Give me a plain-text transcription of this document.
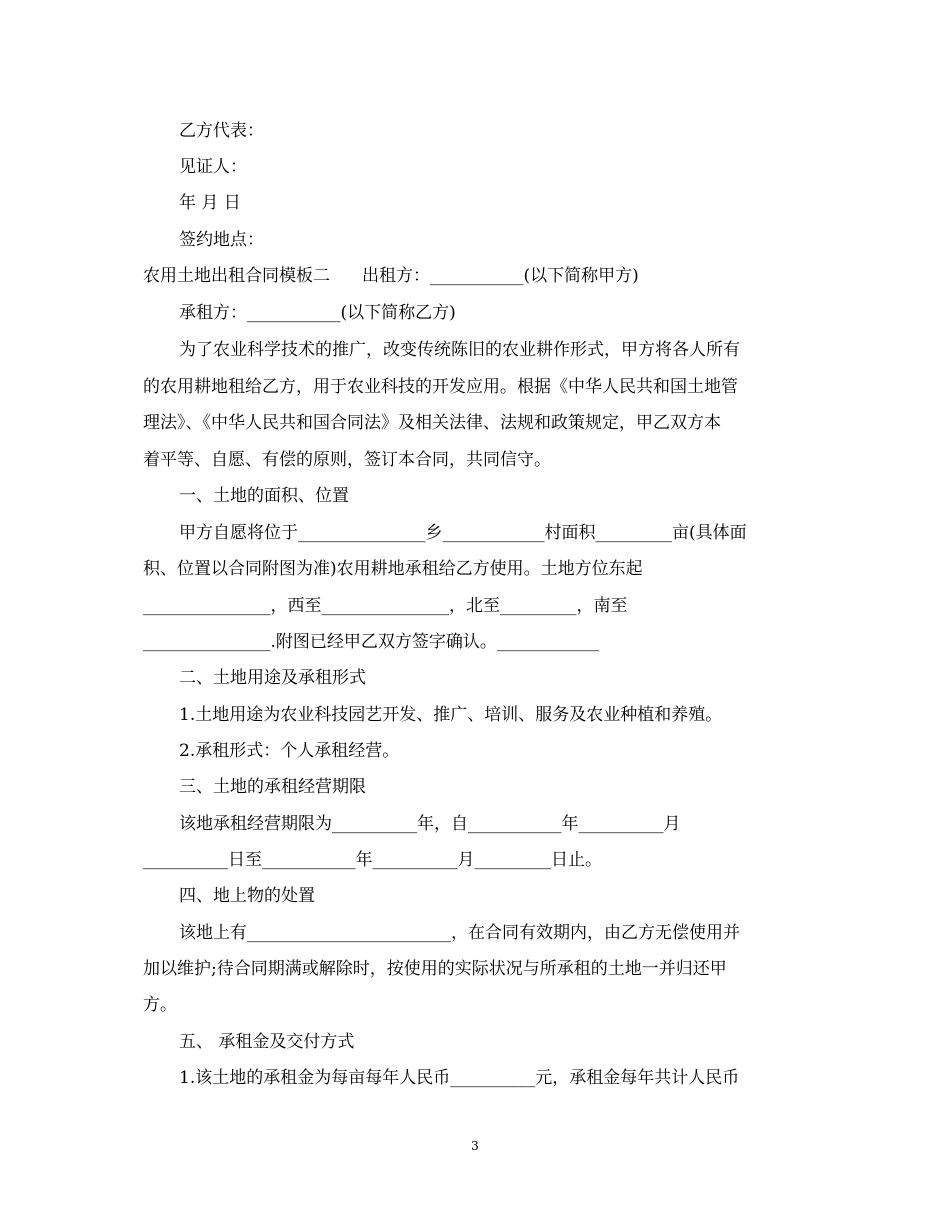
乙方代表：
见证人：
年 月 日
签约地点：
农用土地出租合同模板二 出租方：___________(以下简称甲方)
承租方：___________(以下简称乙方)
为了农业科学技术的推广，改变传统陈旧的农业耕作形式，甲方将各人所有
的农用耕地租给乙方，用于农业科技的开发应用。根据《中华人民共和国土地管
理法》、《中华人民共和国合同法》及相关法律、法规和政策规定，甲乙双方本
着平等、自愿、有偿的原则，签订本合同，共同信守。
一、土地的面积、位置
甲方自愿将位于_______________乡____________村面积_________亩(具体面
积、位置以合同附图为准)农用耕地承租给乙方使用。土地方位东起
_______________，西至_______________，北至_________，南至
_______________.附图已经甲乙双方签字确认。____________
二、土地用途及承租形式
1.土地用途为农业科技园艺开发、推广、培训、服务及农业种植和养殖。
2.承租形式：个人承租经营。
三、土地的承租经营期限
该地承租经营期限为__________年，自___________年__________月
__________日至___________年__________月_________日止。
四、地上物的处置
该地上有________________________，在合同有效期内，由乙方无偿使用并
加以维护;待合同期满或解除时，按使用的实际状况与所承租的土地一并归还甲
方。
五、 承租金及交付方式
1.该土地的承租金为每亩每年人民币__________元，承租金每年共计人民币
3
